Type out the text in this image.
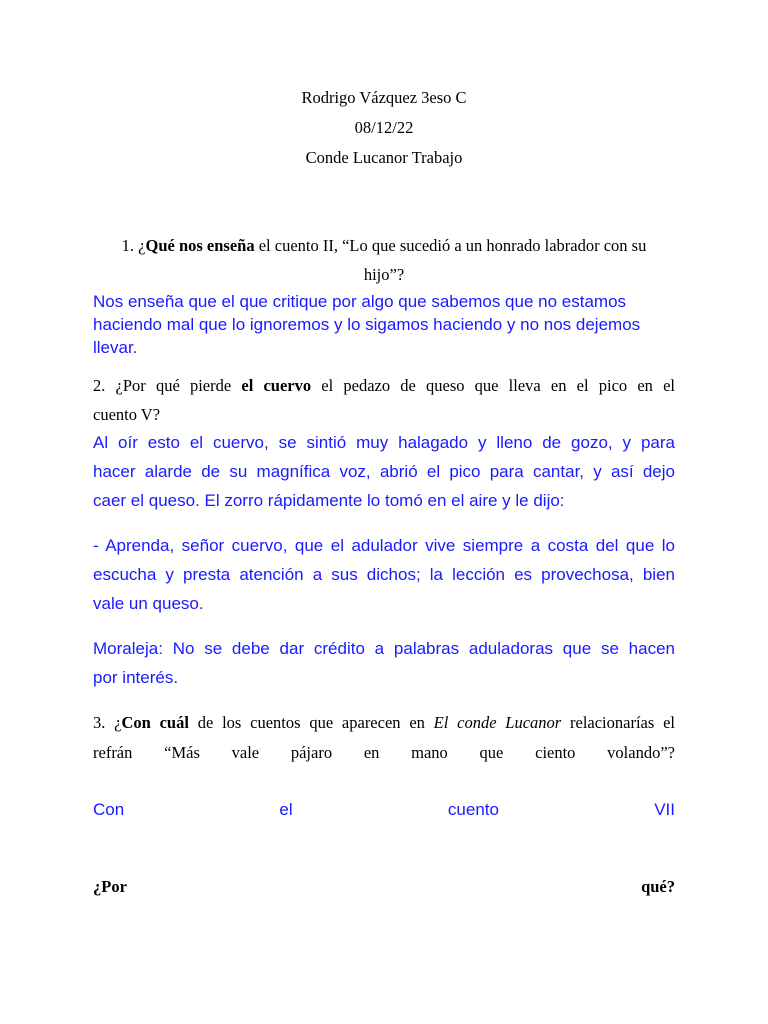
Rodrigo Vázquez 3eso C
08/12/22
Conde Lucanor Trabajo
1. ¿Qué nos enseña el cuento II, “Lo que sucedió a un honrado labrador con su
hijo”?
Nos enseña que el que critique por algo que sabemos que no estamos
haciendo mal que lo ignoremos y lo sigamos haciendo y no nos dejemos
llevar.
2. ¿Por qué pierde el cuervo el pedazo de queso que lleva en el pico en el
cuento V?
Al oír esto el cuervo, se sintió muy halagado y lleno de gozo, y para
hacer alarde de su magnífica voz, abrió el pico para cantar, y así dejo
caer el queso. El zorro rápidamente lo tomó en el aire y le dijo:
- Aprenda, señor cuervo, que el adulador vive siempre a costa del que lo
escucha y presta atención a sus dichos; la lección es provechosa, bien
vale un queso.
Moraleja: No se debe dar crédito a palabras aduladoras que se hacen
por interés.
3. ¿Con cuál de los cuentos que aparecen en El conde Lucanor relacionarías el
refrán “Más vale pájaro en mano que ciento volando”?
Con el cuento VII
¿Por qué?
